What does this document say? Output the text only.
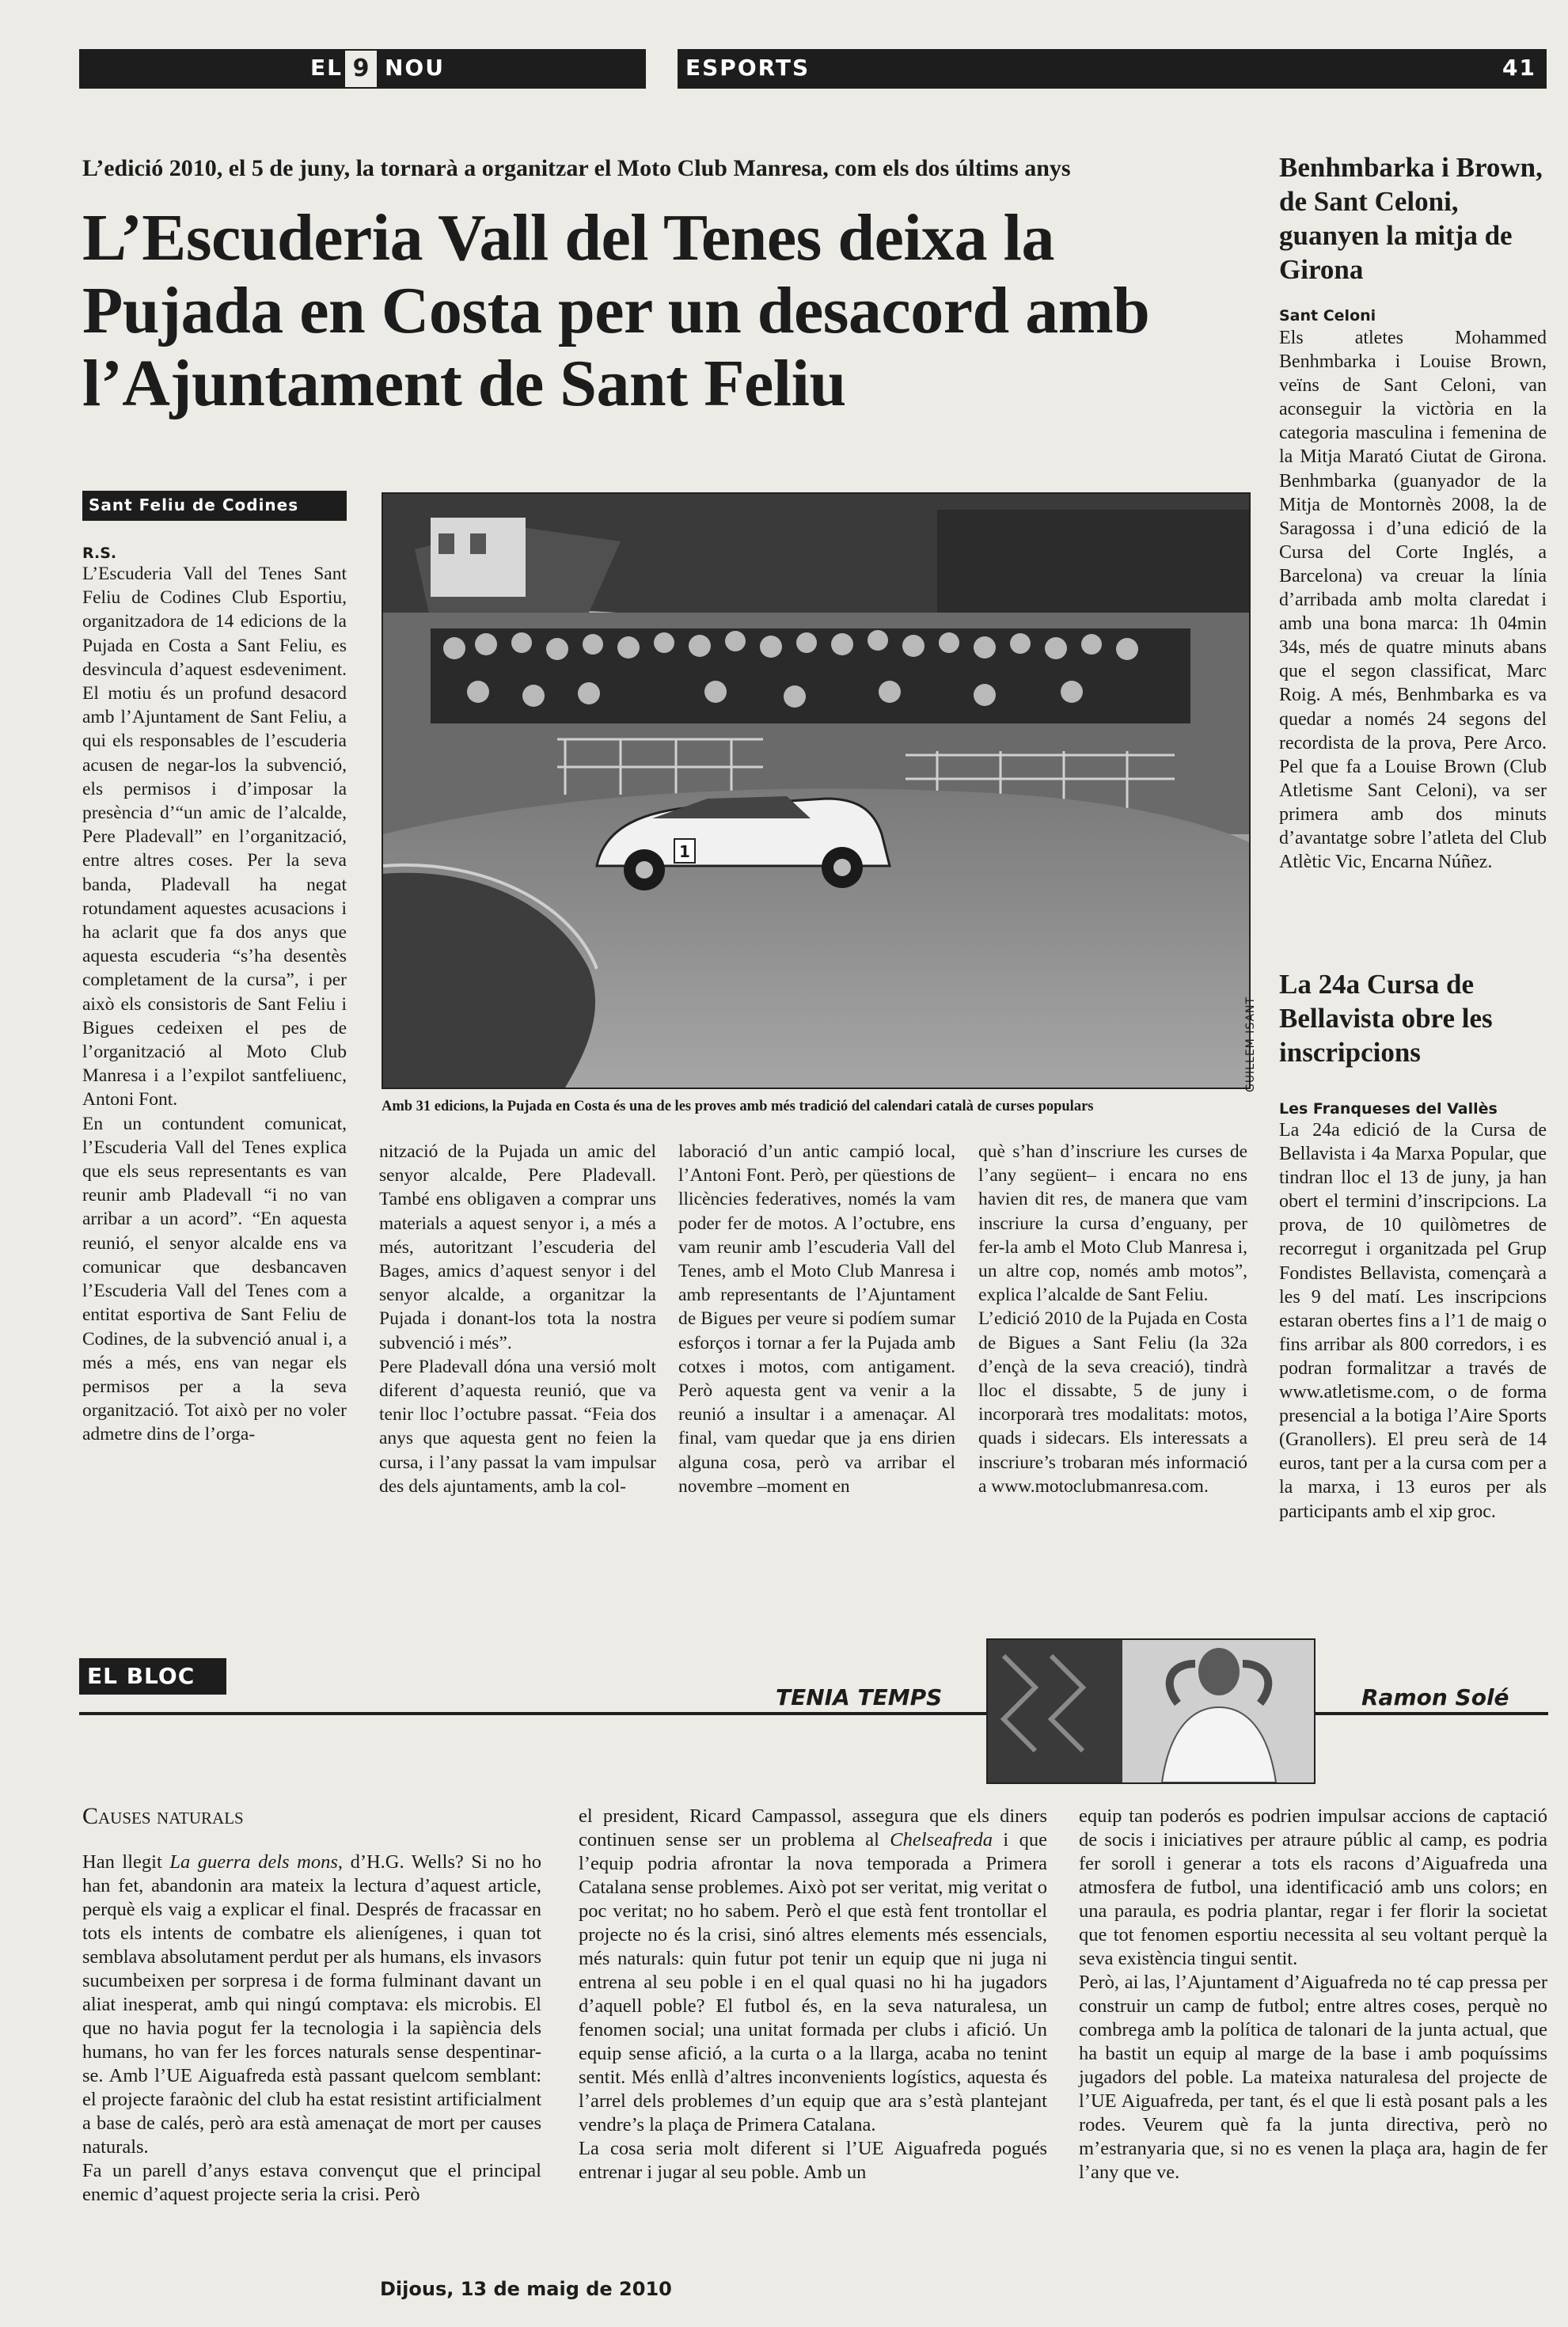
EL 9 NOU	ESPORTS	41
L’edició 2010, el 5 de juny, la tornarà a organitzar el Moto Club Manresa, com els dos últims anys
L’Escuderia Vall del Tenes deixa la Pujada en Costa per un desacord amb l’Ajuntament de Sant Feliu
Sant Feliu de Codines
R.S.
L’Escuderia Vall del Tenes Sant Feliu de Codines Club Esportiu, organitzadora de 14 edicions de la Pujada en Costa a Sant Feliu, es desvincula d’aquest esdeveniment. El motiu és un profund desacord amb l’Ajuntament de Sant Feliu, a qui els responsables de l’escuderia acusen de negar-los la subvenció, els permisos i d’imposar la presència d’“un amic de l’alcalde, Pere Pladevall” en l’organització, entre altres coses. Per la seva banda, Pladevall ha negat rotundament aquestes acusacions i ha aclarit que fa dos anys que aquesta escuderia “s’ha desentès completament de la cursa”, i per això els consistoris de Sant Feliu i Bigues cedeixen el pes de l’organització al Moto Club Manresa i a l’expilot santfeliuenc, Antoni Font.
En un contundent comunicat, l’Escuderia Vall del Tenes explica que els seus representants es van reunir amb Pladevall “i no van arribar a un acord”. “En aquesta reunió, el senyor alcalde ens va comunicar que desbancaven l’Escuderia Vall del Tenes com a entitat esportiva de Sant Feliu de Codines, de la subvenció anual i, a més a més, ens van negar els permisos per a la seva organització. Tot això per no voler admetre dins de l’orga-
1
GUILLEM ISANT
Amb 31 edicions, la Pujada en Costa és una de les proves amb més tradició del calendari català de curses populars
nització de la Pujada un amic del senyor alcalde, Pere Pladevall. També ens obligaven a comprar uns materials a aquest senyor i, a més a més, autoritzant l’escuderia del Bages, amics d’aquest senyor i del senyor alcalde, a organitzar la Pujada i donant-los tota la nostra subvenció i més”.
Pere Pladevall dóna una versió molt diferent d’aquesta reunió, que va tenir lloc l’octubre passat. “Feia dos anys que aquesta gent no feien la cursa, i l’any passat la vam impulsar des dels ajuntaments, amb la col-
laboració d’un antic campió local, l’Antoni Font. Però, per qüestions de llicències federatives, només la vam poder fer de motos. A l’octubre, ens vam reunir amb l’escuderia Vall del Tenes, amb el Moto Club Manresa i amb representants de l’Ajuntament de Bigues per veure si podíem sumar esforços i tornar a fer la Pujada amb cotxes i motos, com antigament. Però aquesta gent va venir a la reunió a insultar i a amenaçar. Al final, vam quedar que ja ens dirien alguna cosa, però va arribar el novembre –moment en
què s’han d’inscriure les curses de l’any següent– i encara no ens havien dit res, de manera que vam inscriure la cursa d’enguany, per fer-la amb el Moto Club Manresa i, un altre cop, només amb motos”, explica l’alcalde de Sant Feliu.
L’edició 2010 de la Pujada en Costa de Bigues a Sant Feliu (la 32a d’ençà de la seva creació), tindrà lloc el dissabte, 5 de juny i incorporarà tres modalitats: motos, quads i sidecars. Els interessats a inscriure’s trobaran més informació a www.motoclubmanresa.com.
Benhmbarka i Brown, de Sant Celoni, guanyen la mitja de Girona
Sant Celoni
Els atletes Mohammed Benhmbarka i Louise Brown, veïns de Sant Celoni, van aconseguir la victòria en la categoria masculina i femenina de la Mitja Marató Ciutat de Girona. Benhmbarka (guanyador de la Mitja de Montornès 2008, la de Saragossa i d’una edició de la Cursa del Corte Inglés, a Barcelona) va creuar la línia d’arribada amb molta claredat i amb una bona marca: 1h 04min 34s, més de quatre minuts abans que el segon classificat, Marc Roig. A més, Benhmbarka es va quedar a només 24 segons del recordista de la prova, Pere Arco. Pel que fa a Louise Brown (Club Atletisme Sant Celoni), va ser primera amb dos minuts d’avantatge sobre l’atleta del Club Atlètic Vic, Encarna Núñez.
La 24a Cursa de Bellavista obre les inscripcions
Les Franqueses del Vallès
La 24a edició de la Cursa de Bellavista i 4a Marxa Popular, que tindran lloc el 13 de juny, ja han obert el termini d’inscripcions. La prova, de 10 quilòmetres de recorregut i organitzada pel Grup Fondistes Bellavista, començarà a les 9 del matí. Les inscripcions estaran obertes fins a l’1 de maig o fins arribar als 800 corredors, i es podran formalitzar a través de www.atletisme.com, o de forma presencial a la botiga l’Aire Sports (Granollers). El preu serà de 14 euros, tant per a la cursa com per a la marxa, i 13 euros per als participants amb el xip groc.
EL BLOC
TENIA TEMPS	Ramon Solé
Causes naturals
Han llegit La guerra dels mons, d’H.G. Wells? Si no ho han fet, abandonin ara mateix la lectura d’aquest article, perquè els vaig a explicar el final. Després de fracassar en tots els intents de combatre els alienígenes, i quan tot semblava absolutament perdut per als humans, els invasors sucumbeixen per sorpresa i de forma fulminant davant un aliat inesperat, amb qui ningú comptava: els microbis. El que no havia pogut fer la tecnologia i la sapiència dels humans, ho van fer les forces naturals sense despentinar-se. Amb l’UE Aiguafreda està passant quelcom semblant: el projecte faraònic del club ha estat resistint artificialment a base de calés, però ara està amenaçat de mort per causes naturals.
Fa un parell d’anys estava convençut que el principal enemic d’aquest projecte seria la crisi. Però
el president, Ricard Campassol, assegura que els diners continuen sense ser un problema al Chelseafreda i que l’equip podria afrontar la nova temporada a Primera Catalana sense problemes. Això pot ser veritat, mig veritat o poc veritat; no ho sabem. Però el que està fent trontollar el projecte no és la crisi, sinó altres elements més essencials, més naturals: quin futur pot tenir un equip que ni juga ni entrena al seu poble i en el qual quasi no hi ha jugadors d’aquell poble? El futbol és, en la seva naturalesa, un fenomen social; una unitat formada per clubs i afició. Un equip sense afició, a la curta o a la llarga, acaba no tenint sentit. Més enllà d’altres inconvenients logístics, aquesta és l’arrel dels problemes d’un equip que ara s’està plantejant vendre’s la plaça de Primera Catalana.
La cosa seria molt diferent si l’UE Aiguafreda pogués entrenar i jugar al seu poble. Amb un
equip tan poderós es podrien impulsar accions de captació de socis i iniciatives per atraure públic al camp, es podria fer soroll i generar a tots els racons d’Aiguafreda una atmosfera de futbol, una identificació amb uns colors; en una paraula, es podria plantar, regar i fer florir la societat que tot fenomen esportiu necessita al seu voltant perquè la seva existència tingui sentit.
Però, ai las, l’Ajuntament d’Aiguafreda no té cap pressa per construir un camp de futbol; entre altres coses, perquè no combrega amb la política de talonari de la junta actual, que ha bastit un equip al marge de la base i amb poquíssims jugadors del poble. La mateixa naturalesa del projecte de l’UE Aiguafreda, per tant, és el que li està posant pals a les rodes. Veurem què fa la junta directiva, però no m’estranyaria que, si no es venen la plaça ara, hagin de fer l’any que ve.
Dijous, 13 de maig de 2010
